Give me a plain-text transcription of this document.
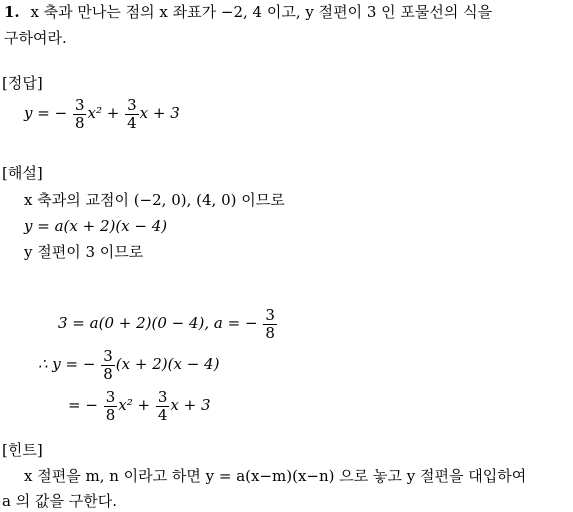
1. x 축과 만나는 점의 x 좌표가 −2, 4 이고, y 절편이 3 인 포물선의 식을
구하여라.
[정답]
y = − $\frac{3}{8} x^2 + \frac{3}{4}$ x + 3
[해설]
x 축과의 교점이 (−2, 0), (4, 0) 이므로
y = a(x + 2)(x − 4)
y 절편이 3 이므로
3 = a(0 + 2)(0 − 4), a = − $\frac{3}{8}$
∴ y = − $\frac{3}{8} (x + 2)(x - 4)$
= − $\frac{3}{8} x^2 + \frac{3}{4}$ x + 3
[힌트]
x 절편을 m, n 이라고 하면 y = a(x−m)(x−n) 으로 놓고 y 절편을 대입하여
a 의 값을 구한다.
